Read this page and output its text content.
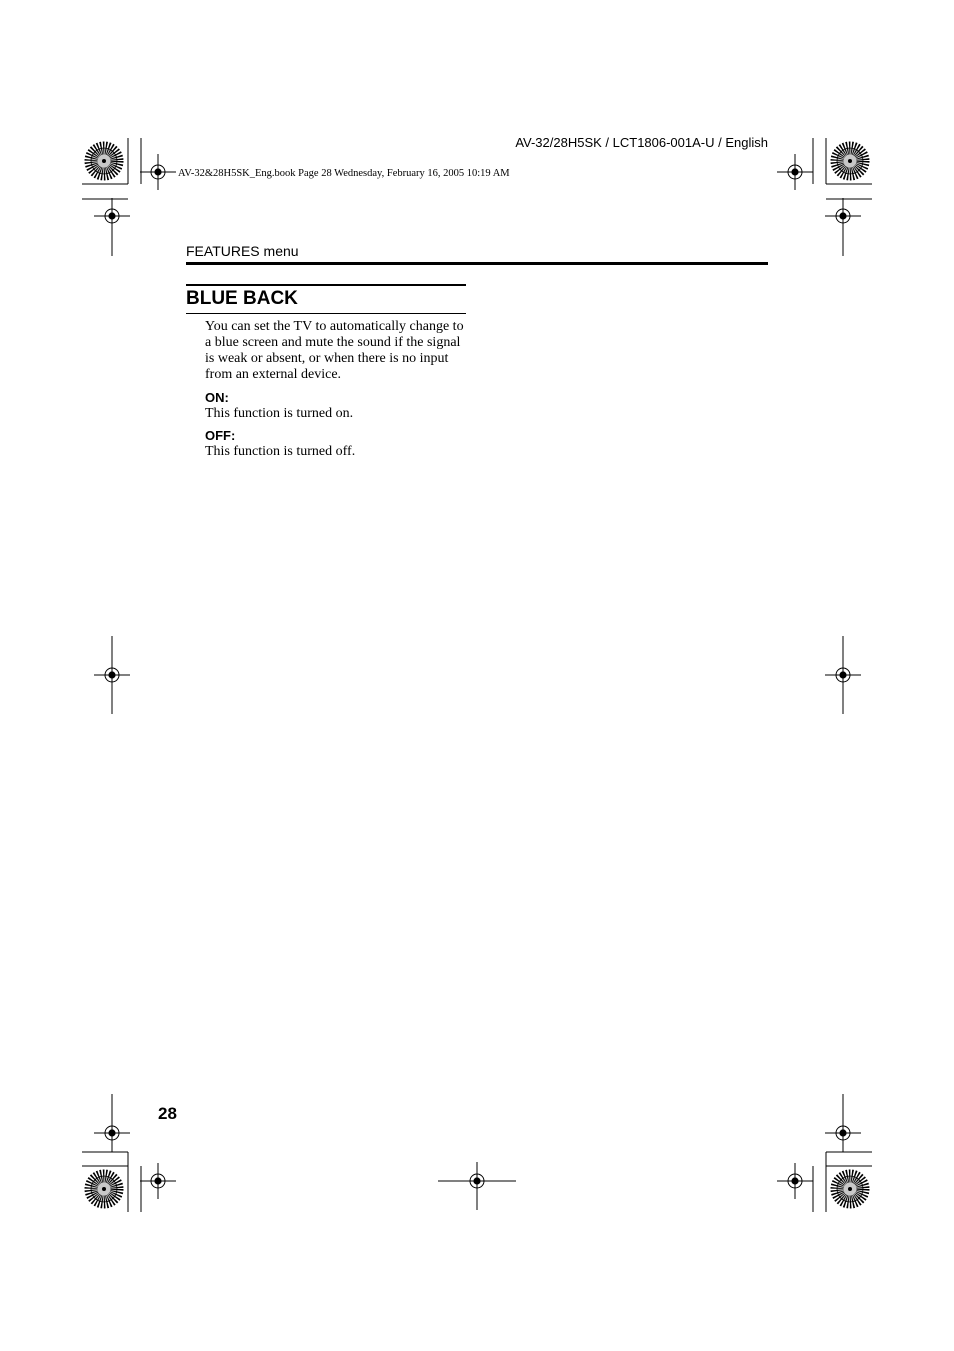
AV-32/28H5SK / LCT1806-001A-U / English
AV-32&28H5SK_Eng.book Page 28 Wednesday, February 16, 2005 10:19 AM
FEATURES menu
BLUE BACK
You can set the TV to automatically change to a blue screen and mute the sound if the signal is weak or absent, or when there is no input from an external device.
ON:
This function is turned on.
OFF:
This function is turned off.
28
